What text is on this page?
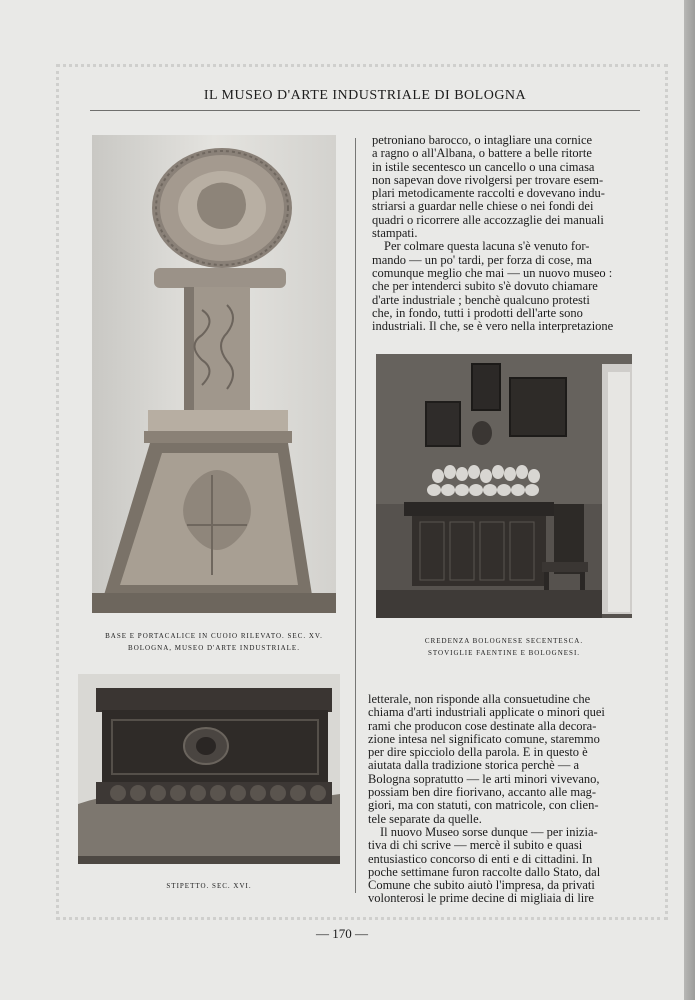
IL MUSEO D'ARTE INDUSTRIALE DI BOLOGNA
BASE E PORTACALICE IN CUOIO RILEVATO. SEC. XV.
BOLOGNA, MUSEO D'ARTE INDUSTRIALE.
CREDENZA BOLOGNESE SECENTESCA.
STOVIGLIE FAENTINE E BOLOGNESI.
STIPETTO. SEC. XVI.
petroniano barocco, o intagliare una cornice
a ragno o all'Albana, o battere a belle ritorte
in istile secentesco un cancello o una cimasa
non sapevan dove rivolgersi per trovare esem-
plari metodicamente raccolti e dovevano indu-
striarsi a guardar nelle chiese o nei fondi dei
quadri o ricorrere alle accozzaglie dei manuali
stampati.
Per colmare questa lacuna s'è venuto for-
mando — un po' tardi, per forza di cose, ma
comunque meglio che mai — un nuovo museo :
che per intenderci subito s'è dovuto chiamare
d'arte industriale ; benchè qualcuno protesti
che, in fondo, tutti i prodotti dell'arte sono
industriali. Il che, se è vero nella interpretazione
letterale, non risponde alla consuetudine che
chiama d'arti industriali applicate o minori quei
rami che producon cose destinate alla decora-
zione intesa nel significato comune, staremmo
per dire spicciolo della parola. E in questo è
aiutata dalla tradizione storica perchè — a
Bologna sopratutto — le arti minori vivevano,
possiam ben dire fiorivano, accanto alle mag-
giori, ma con statuti, con matricole, con clien-
tele separate da quelle.
Il nuovo Museo sorse dunque — per inizia-
tiva di chi scrive — mercè il subito e quasi
entusiastico concorso di enti e di cittadini. In
poche settimane furon raccolte dallo Stato, dal
Comune che subito aiutò l'impresa, da privati
volonterosi le prime decine di migliaia di lire
— 170 —
